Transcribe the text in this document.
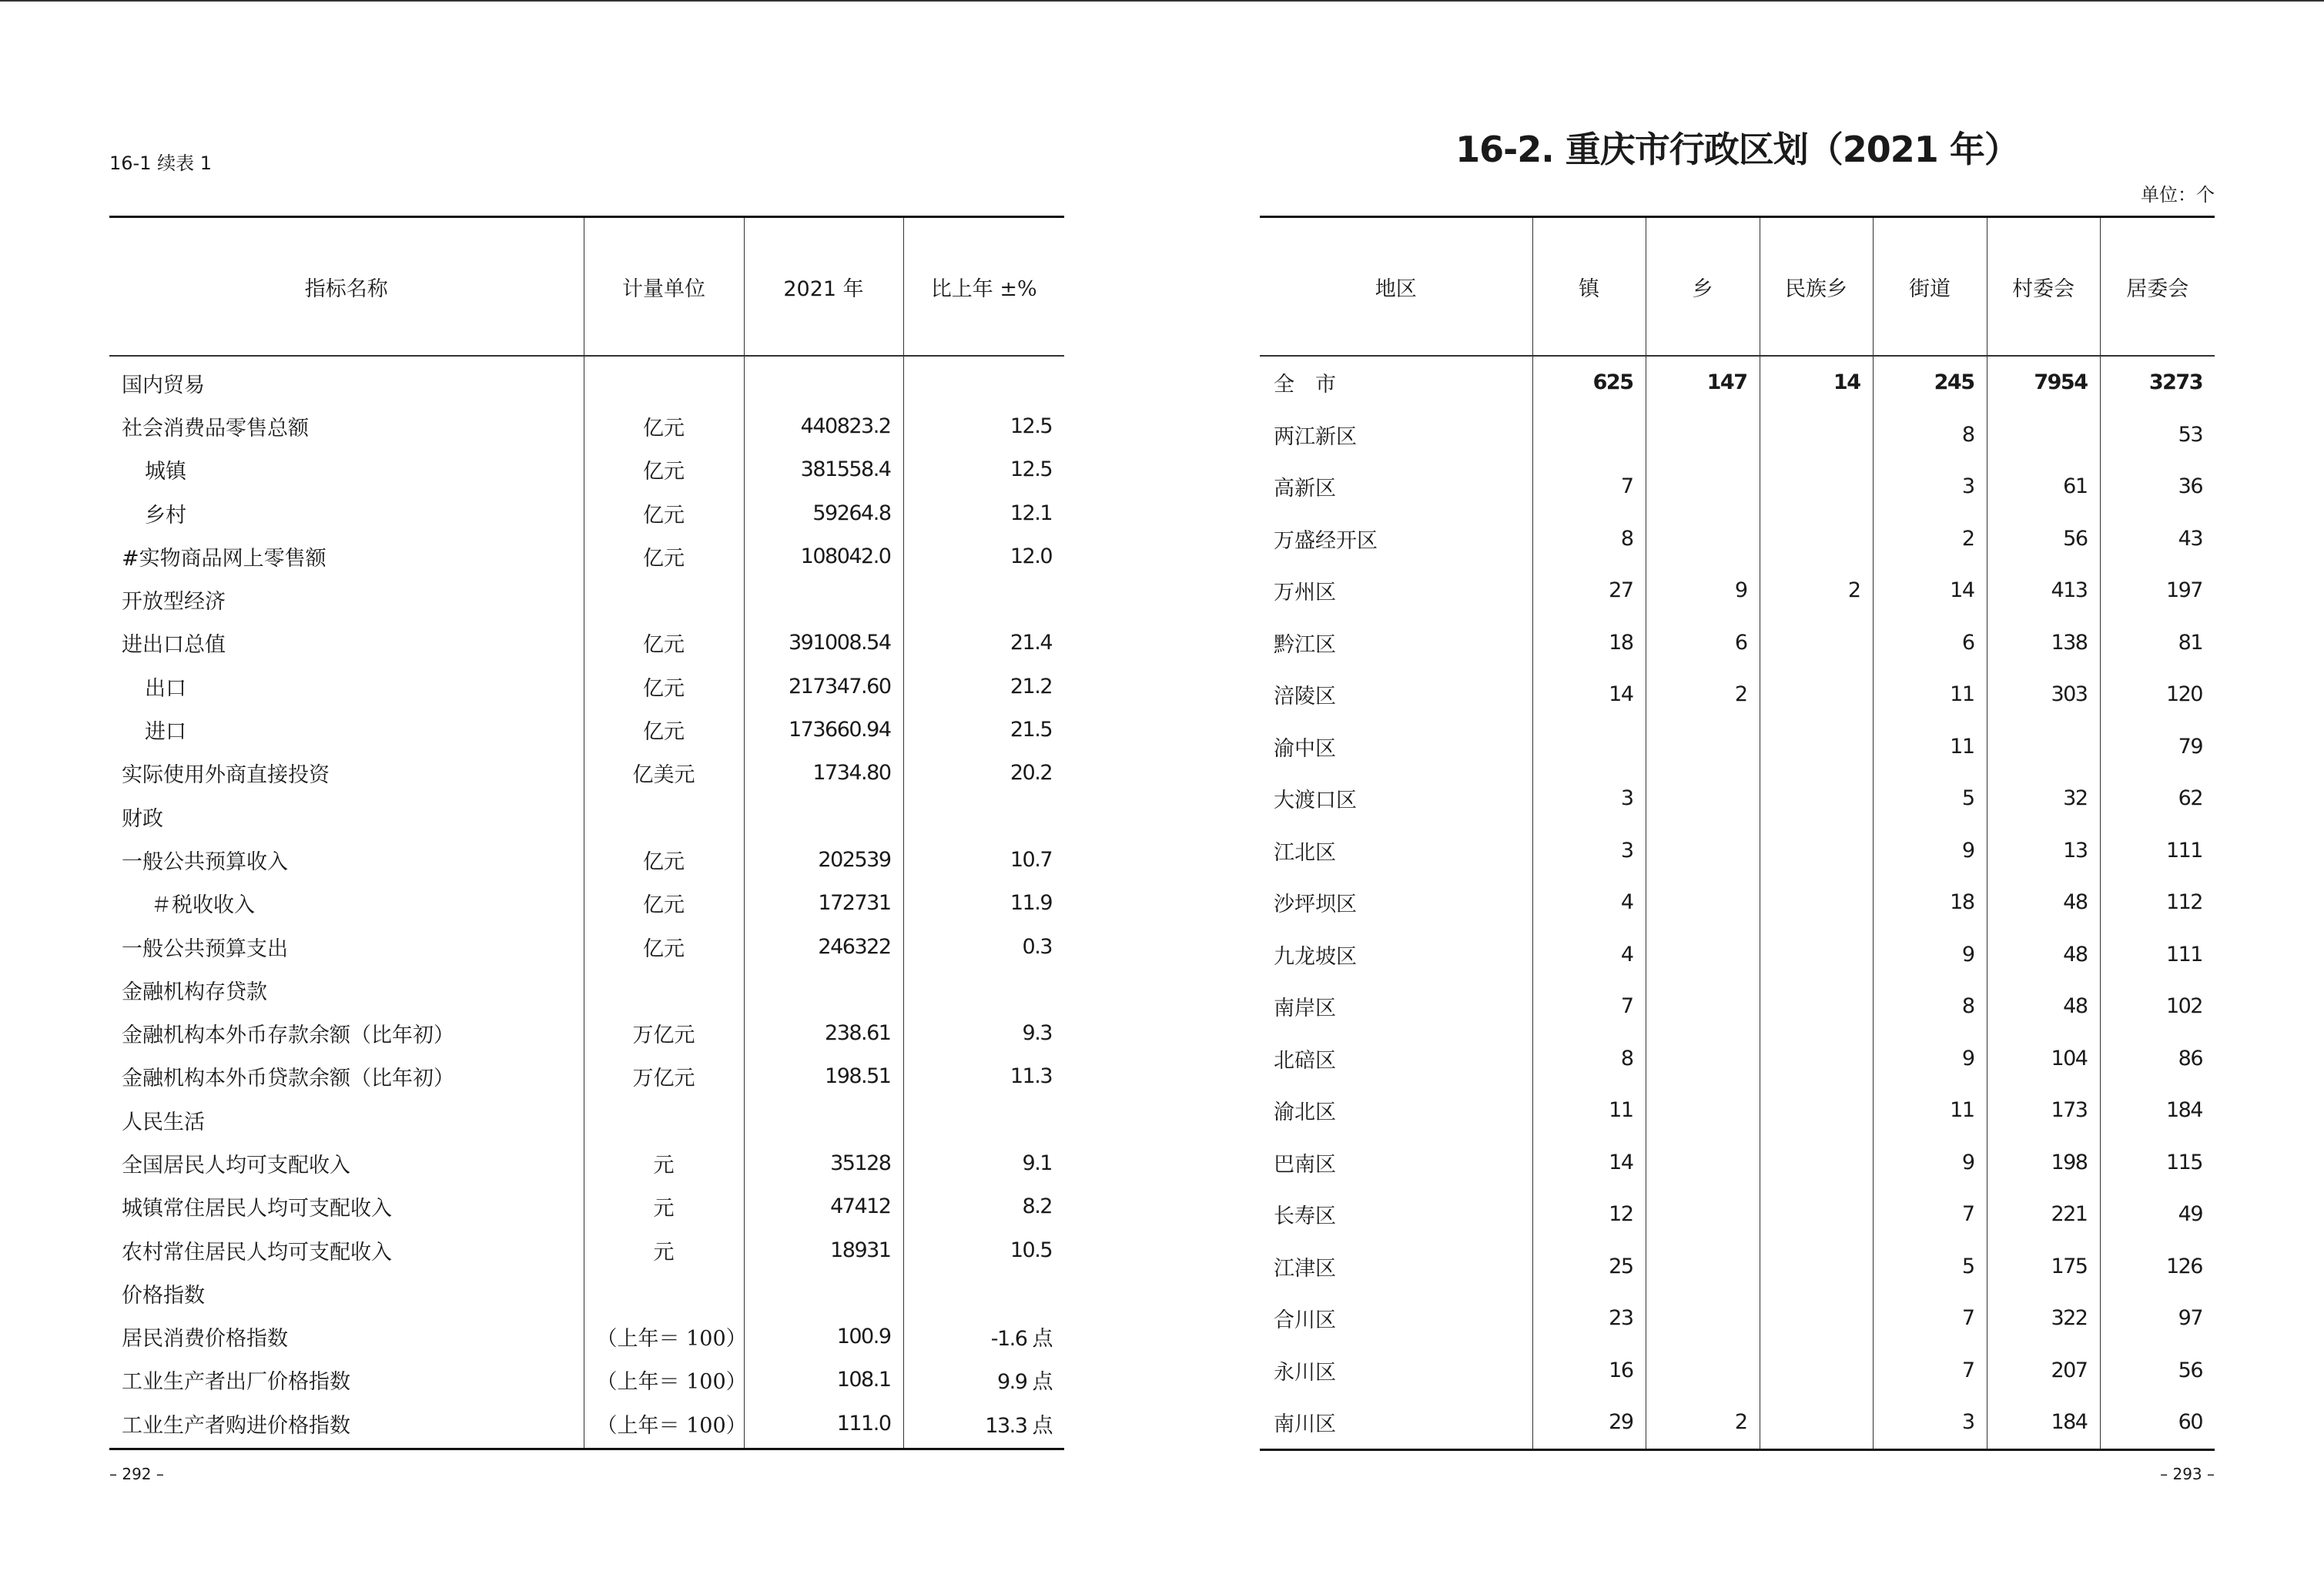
16-1 续表 1
指标名称	计量单位	2021 年	比上年 ±%
国内贸易			
社会消费品零售总额	亿元	440823.2	12.5
城镇	亿元	381558.4	12.5
乡村	亿元	59264.8	12.1
#实物商品网上零售额	亿元	108042.0	12.0
开放型经济			
进出口总值	亿元	391008.54	21.4
出口	亿元	217347.60	21.2
进口	亿元	173660.94	21.5
实际使用外商直接投资	亿美元	1734.80	20.2
财政			
一般公共预算收入	亿元	202539	10.7
＃税收收入	亿元	172731	11.9
一般公共预算支出	亿元	246322	0.3
金融机构存贷款			
金融机构本外币存款余额（比年初）	万亿元	238.61	9.3
金融机构本外币贷款余额（比年初）	万亿元	198.51	11.3
人民生活			
全国居民人均可支配收入	元	35128	9.1
城镇常住居民人均可支配收入	元	47412	8.2
农村常住居民人均可支配收入	元	18931	10.5
价格指数			
居民消费价格指数	（上年＝ 100）	100.9	-1.6 点
工业生产者出厂价格指数	（上年＝ 100）	108.1	9.9 点
工业生产者购进价格指数	（上年＝ 100）	111.0	13.3 点
– 292 –
16-2. 重庆市行政区划（2021 年）
单位：个
地区	镇	乡	民族乡	街道	村委会	居委会
全　市	625	147	14	245	7954	3273
两江新区				8		53
高新区	7			3	61	36
万盛经开区	8			2	56	43
万州区	27	9	2	14	413	197
黔江区	18	6		6	138	81
涪陵区	14	2		11	303	120
渝中区				11		79
大渡口区	3			5	32	62
江北区	3			9	13	111
沙坪坝区	4			18	48	112
九龙坡区	4			9	48	111
南岸区	7			8	48	102
北碚区	8			9	104	86
渝北区	11			11	173	184
巴南区	14			9	198	115
长寿区	12			7	221	49
江津区	25			5	175	126
合川区	23			7	322	97
永川区	16			7	207	56
南川区	29	2		3	184	60
– 293 –
